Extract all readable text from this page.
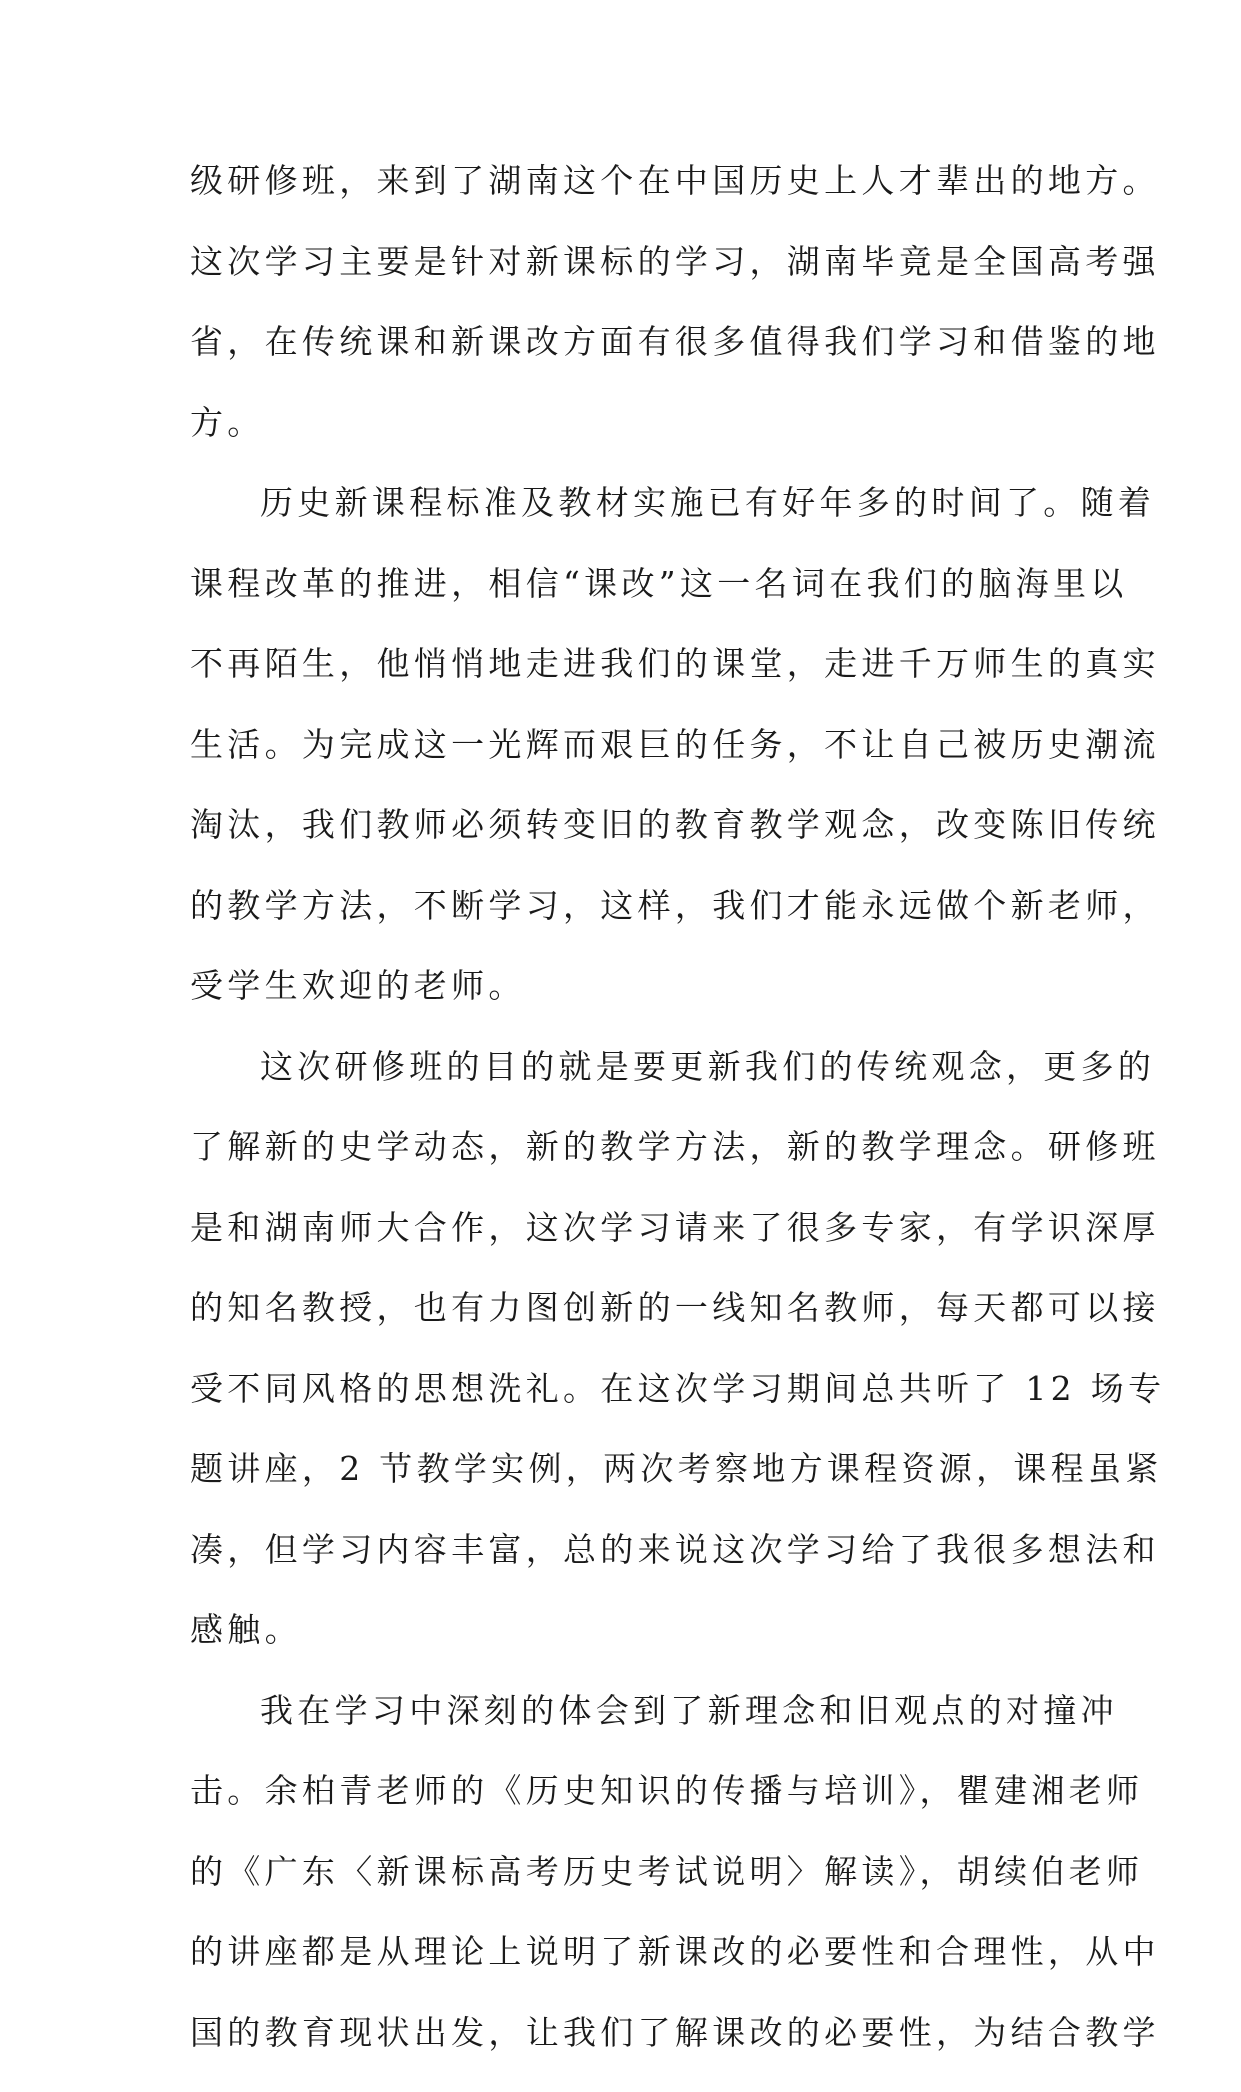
级研修班，来到了湖南这个在中国历史上人才辈出的地方。
这次学习主要是针对新课标的学习，湖南毕竟是全国高考强
省，在传统课和新课改方面有很多值得我们学习和借鉴的地
方。
历史新课程标准及教材实施已有好年多的时间了。随着
课程改革的推进，相信“课改”这一名词在我们的脑海里以
不再陌生，他悄悄地走进我们的课堂，走进千万师生的真实
生活。为完成这一光辉而艰巨的任务，不让自己被历史潮流
淘汰，我们教师必须转变旧的教育教学观念，改变陈旧传统
的教学方法，不断学习，这样，我们才能永远做个新老师，
受学生欢迎的老师。
这次研修班的目的就是要更新我们的传统观念，更多的
了解新的史学动态，新的教学方法，新的教学理念。研修班
是和湖南师大合作，这次学习请来了很多专家，有学识深厚
的知名教授，也有力图创新的一线知名教师，每天都可以接
受不同风格的思想洗礼。在这次学习期间总共听了 12 场专
题讲座，2 节教学实例，两次考察地方课程资源，课程虽紧
凑，但学习内容丰富，总的来说这次学习给了我很多想法和
感触。
我在学习中深刻的体会到了新理念和旧观点的对撞冲
击。余柏青老师的《历史知识的传播与培训》，瞿建湘老师
的《广东〈新课标高考历史考试说明〉解读》，胡续伯老师
的讲座都是从理论上说明了新课改的必要性和合理性，从中
国的教育现状出发，让我们了解课改的必要性，为结合教学
